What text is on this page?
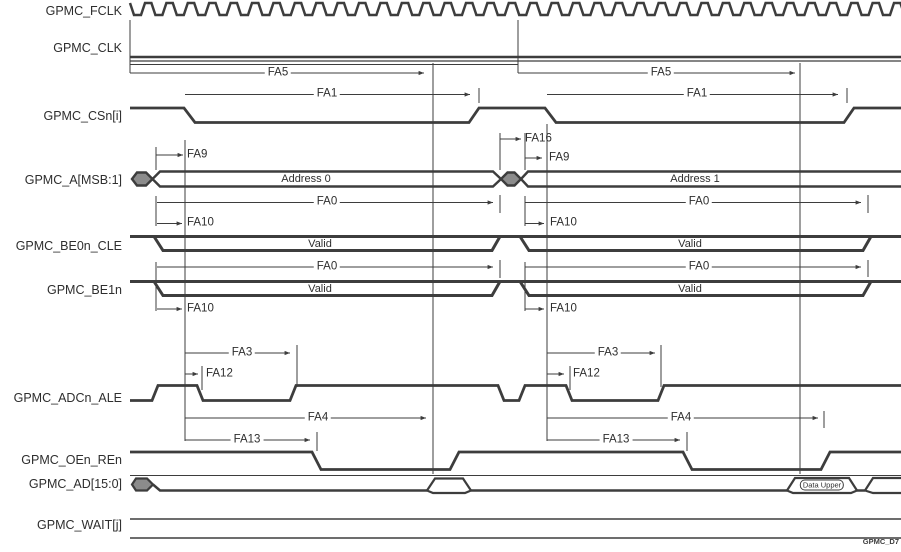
GPMC_FCLK
GPMC_CLK
GPMC_CSn[i]
GPMC_A[MSB:1]
GPMC_BE0n_CLE
GPMC_BE1n
GPMC_ADCn_ALE
GPMC_OEn_REn
GPMC_AD[15:0]
GPMC_WAIT[j]
FA5
FA1
FA9
FA0
FA10
FA0
FA10
FA3
FA12
FA4
FA13
FA5
FA1
FA16
FA9
FA0
FA10
FA0
FA10
FA3
FA12
FA4
FA13
Address 0	Address 1
Valid	Valid
Valid	Valid
Data Upper
GPMC_D7
